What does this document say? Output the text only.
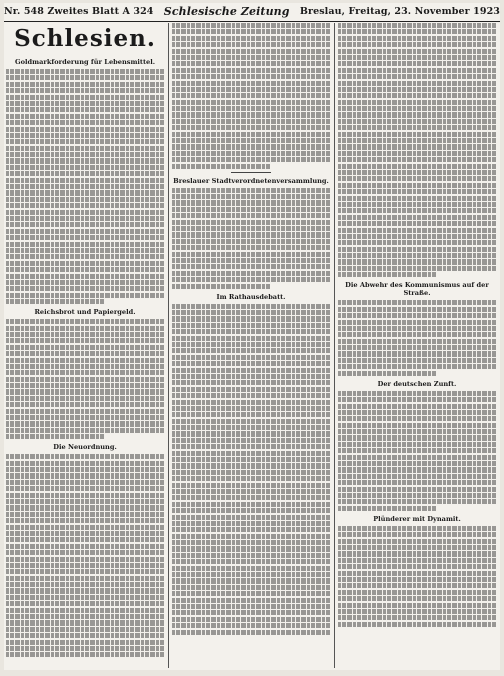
Nr. 548 Zweites Blatt A 324 Schlesische Zeitung Breslau, Freitag, 23. November 1923
Schlesien.
Goldmarkforderung für Lebensmittel.
Reichsbrot und Papiergeld.
Die Neuordnung.
Breslauer Stadtverordnetenversammlung.
Im Rathausdebatt.
Die Abwehr des Kommunismus auf der Straße.
Der deutschen Zunft.
Plünderer mit Dynamit.
